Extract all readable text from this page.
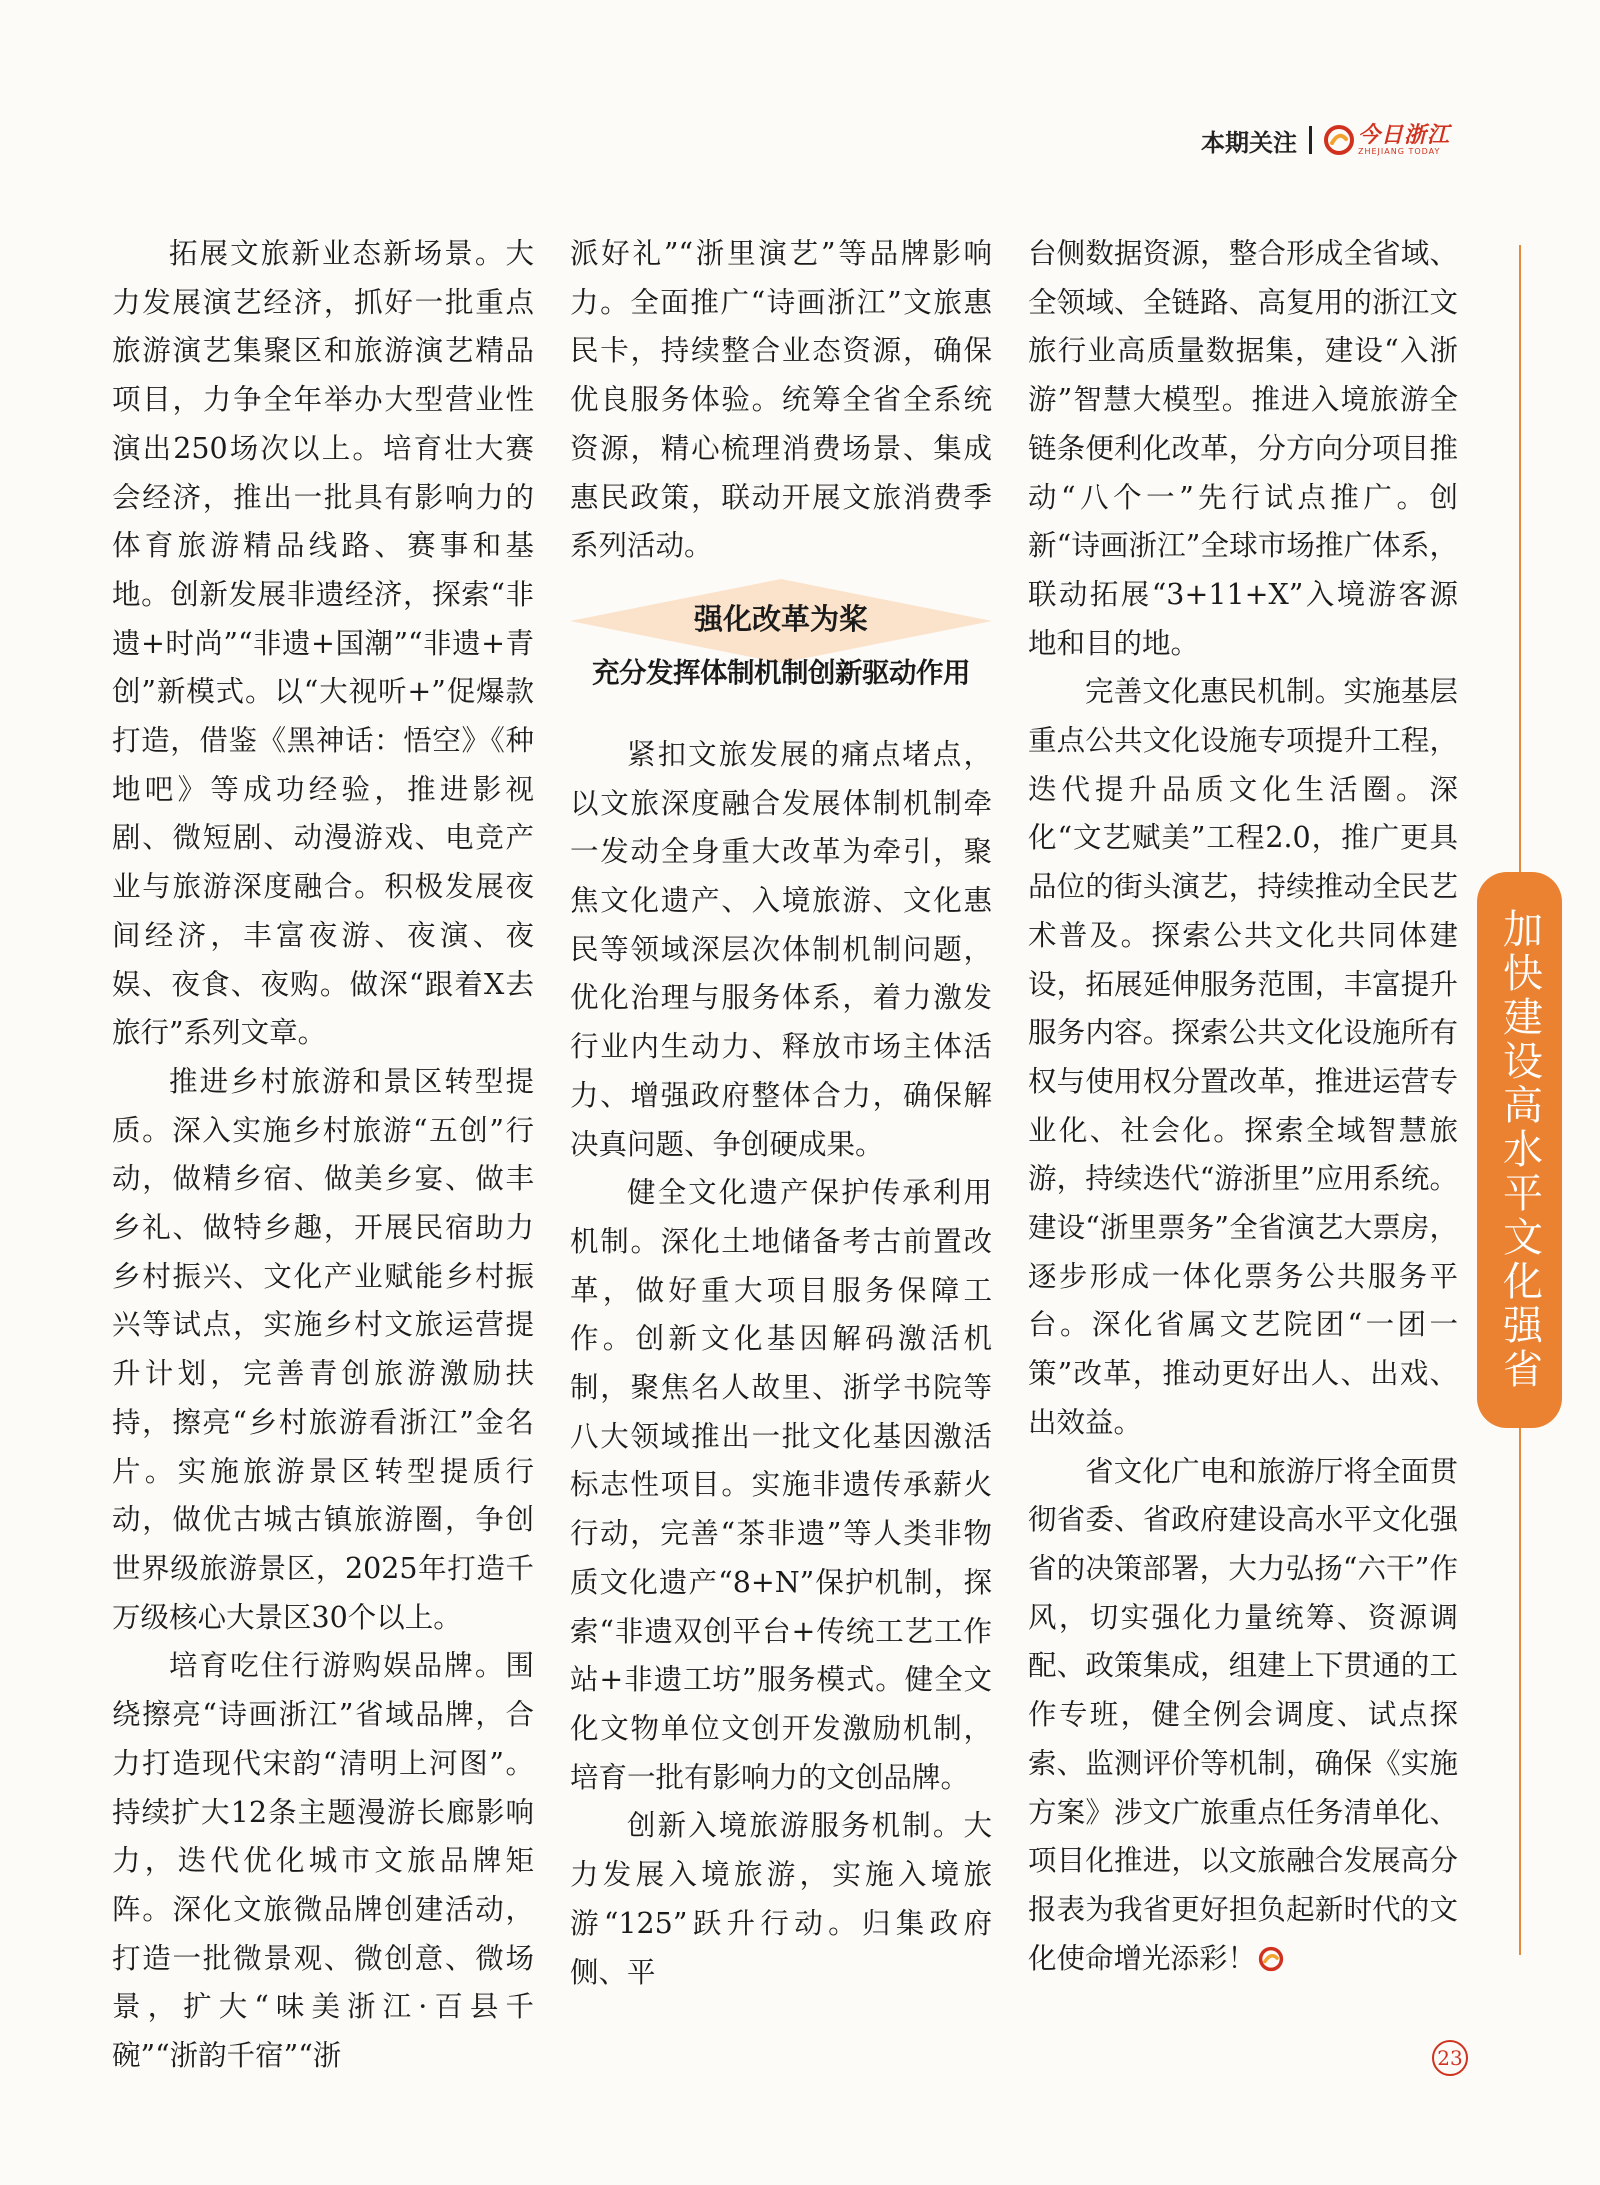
本期关注	今日浙江
ZHEJIANG TODAY

拓展文旅新业态新场景。大力发展演艺经济，抓好一批重点旅游演艺集聚区和旅游演艺精品项目，力争全年举办大型营业性演出250场次以上。培育壮大赛会经济，推出一批具有影响力的体育旅游精品线路、赛事和基地。创新发展非遗经济，探索“非遗+时尚”“非遗+国潮”“非遗+青创”新模式。以“大视听+”促爆款打造，借鉴《黑神话：悟空》《种地吧》等成功经验，推进影视剧、微短剧、动漫游戏、电竞产业与旅游深度融合。积极发展夜间经济，丰富夜游、夜演、夜娱、夜食、夜购。做深“跟着X去旅行”系列文章。

推进乡村旅游和景区转型提质。深入实施乡村旅游“五创”行动，做精乡宿、做美乡宴、做丰乡礼、做特乡趣，开展民宿助力乡村振兴、文化产业赋能乡村振兴等试点，实施乡村文旅运营提升计划，完善青创旅游激励扶持，擦亮“乡村旅游看浙江”金名片。实施旅游景区转型提质行动，做优古城古镇旅游圈，争创世界级旅游景区，2025年打造千万级核心大景区30个以上。

培育吃住行游购娱品牌。围绕擦亮“诗画浙江”省域品牌，合力打造现代宋韵“清明上河图”。持续扩大12条主题漫游长廊影响力，迭代优化城市文旅品牌矩阵。深化文旅微品牌创建活动，打造一批微景观、微创意、微场景，扩大“味美浙江·百县千碗”“浙韵千宿”“浙

派好礼”“浙里演艺”等品牌影响力。全面推广“诗画浙江”文旅惠民卡，持续整合业态资源，确保优良服务体验。统筹全省全系统资源，精心梳理消费场景、集成惠民政策，联动开展文旅消费季系列活动。

强化改革为桨
充分发挥体制机制创新驱动作用

紧扣文旅发展的痛点堵点，以文旅深度融合发展体制机制牵一发动全身重大改革为牵引，聚焦文化遗产、入境旅游、文化惠民等领域深层次体制机制问题，优化治理与服务体系，着力激发行业内生动力、释放市场主体活力、增强政府整体合力，确保解决真问题、争创硬成果。

健全文化遗产保护传承利用机制。深化土地储备考古前置改革，做好重大项目服务保障工作。创新文化基因解码激活机制，聚焦名人故里、浙学书院等八大领域推出一批文化基因激活标志性项目。实施非遗传承薪火行动，完善“茶非遗”等人类非物质文化遗产“8+N”保护机制，探索“非遗双创平台+传统工艺工作站+非遗工坊”服务模式。健全文化文物单位文创开发激励机制，培育一批有影响力的文创品牌。

创新入境旅游服务机制。大力发展入境旅游，实施入境旅游“125”跃升行动。归集政府侧、平

台侧数据资源，整合形成全省域、全领域、全链路、高复用的浙江文旅行业高质量数据集，建设“入浙游”智慧大模型。推进入境旅游全链条便利化改革，分方向分项目推动“八个一”先行试点推广。创新“诗画浙江”全球市场推广体系，联动拓展“3+11+X”入境游客源地和目的地。

完善文化惠民机制。实施基层重点公共文化设施专项提升工程，迭代提升品质文化生活圈。深化“文艺赋美”工程2.0，推广更具品位的街头演艺，持续推动全民艺术普及。探索公共文化共同体建设，拓展延伸服务范围，丰富提升服务内容。探索公共文化设施所有权与使用权分置改革，推进运营专业化、社会化。探索全域智慧旅游，持续迭代“游浙里”应用系统。建设“浙里票务”全省演艺大票房，逐步形成一体化票务公共服务平台。深化省属文艺院团“一团一策”改革，推动更好出人、出戏、出效益。

省文化广电和旅游厅将全面贯彻省委、省政府建设高水平文化强省的决策部署，大力弘扬“六干”作风，切实强化力量统筹、资源调配、政策集成，组建上下贯通的工作专班，健全例会调度、试点探索、监测评价等机制，确保《实施方案》涉文广旅重点任务清单化、项目化推进，以文旅融合发展高分报表为我省更好担负起新时代的文化使命增光添彩！

加快建设高水平文化强省
23
